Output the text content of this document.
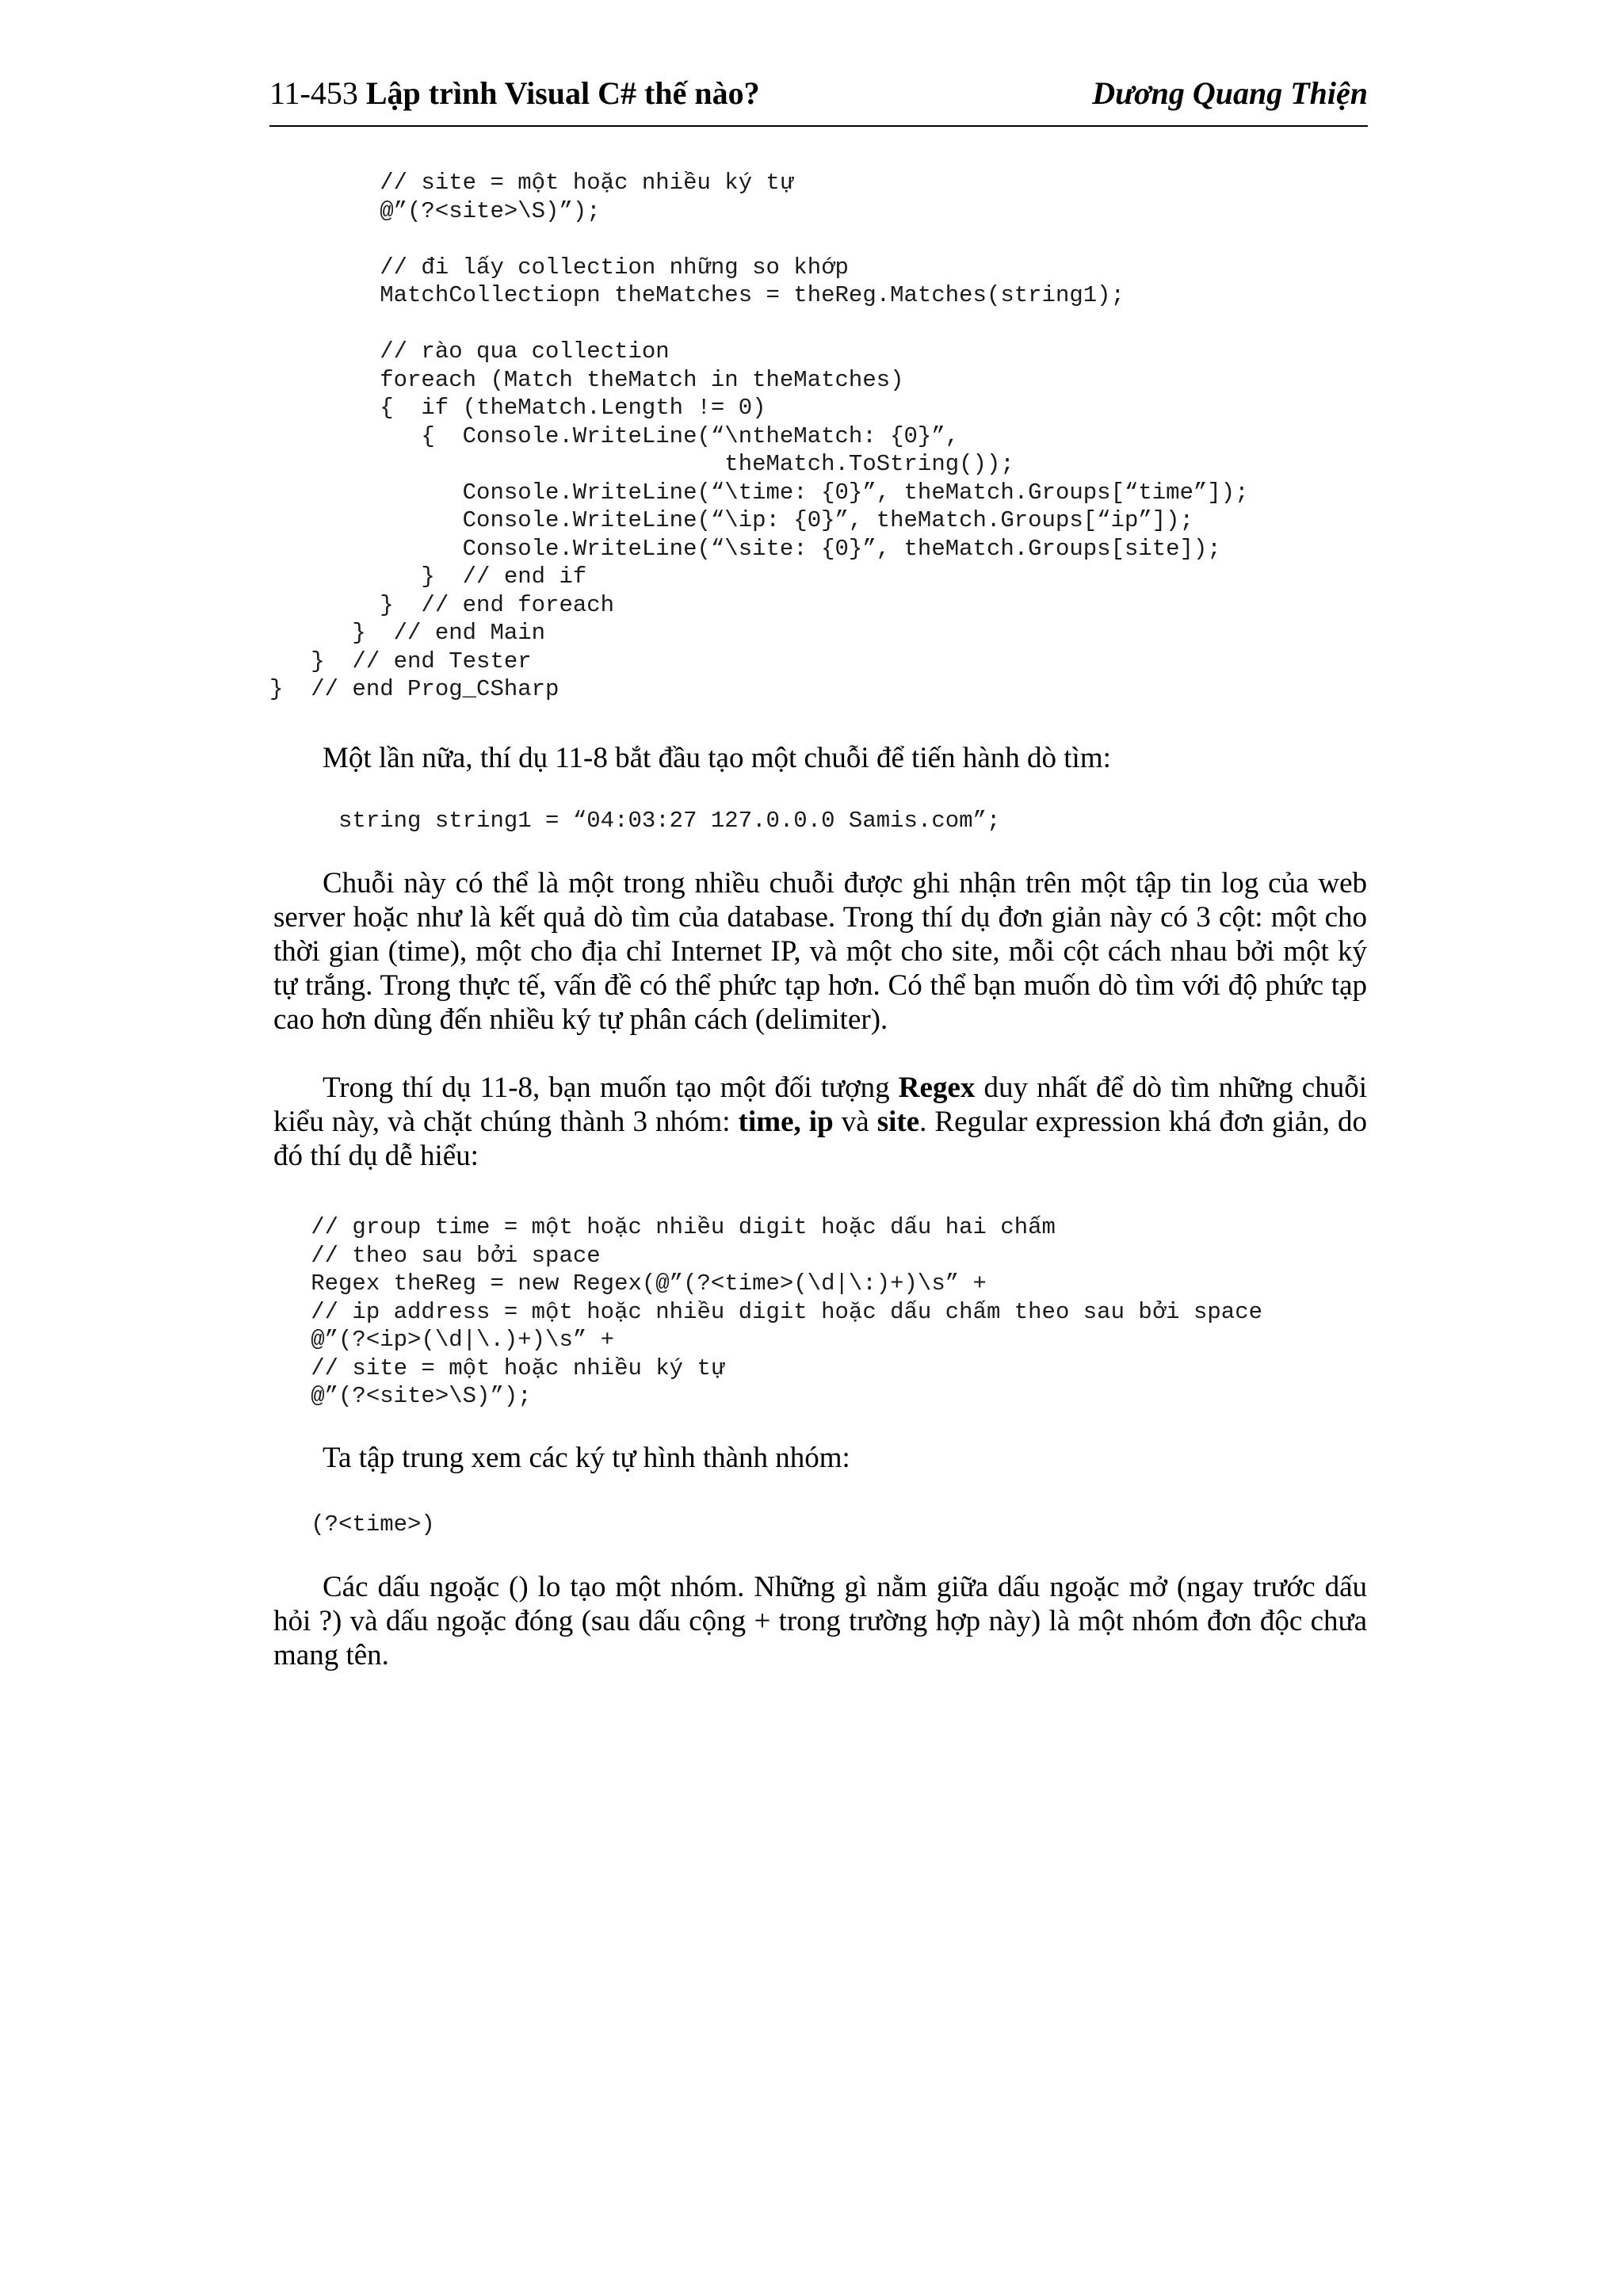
11-453 Lập trình Visual C# thế nào?	Dương Quang Thiện
// site = một hoặc nhiều ký tự
@”(?<site>\S)”);

// đi lấy collection những so khớp
MatchCollectiopn theMatches = theReg.Matches(string1);

// rào qua collection
foreach (Match theMatch in theMatches)
{  if (theMatch.Length != 0)
{  Console.WriteLine(“\ntheMatch: {0}”,
theMatch.ToString());
Console.WriteLine(“\time: {0}”, theMatch.Groups[“time”]);
Console.WriteLine(“\ip: {0}”, theMatch.Groups[“ip”]);
Console.WriteLine(“\site: {0}”, theMatch.Groups[site]);
}  // end if
}  // end foreach
}  // end Main
}  // end Tester
}  // end Prog_CSharp

Một lần nữa, thí dụ 11-8 bắt đầu tạo một chuỗi để tiến hành dò tìm:

string string1 = “04:03:27 127.0.0.0 Samis.com”;

Chuỗi này có thể là một trong nhiều chuỗi được ghi nhận trên một tập tin log của web server hoặc như là kết quả dò tìm của database. Trong thí dụ đơn giản này có 3 cột: một cho thời gian (time), một cho địa chỉ Internet IP, và một cho site, mỗi cột cách nhau bởi một ký tự trắng. Trong thực tế, vấn đề có thể phức tạp hơn. Có thể bạn muốn dò tìm với độ phức tạp cao hơn dùng đến nhiều ký tự phân cách (delimiter).

Trong thí dụ 11-8, bạn muốn tạo một đối tượng Regex duy nhất để dò tìm những chuỗi kiểu này, và chặt chúng thành 3 nhóm: time, ip và site. Regular expression khá đơn giản, do đó thí dụ dễ hiểu:

// group time = một hoặc nhiều digit hoặc dấu hai chấm
// theo sau bởi space
Regex theReg = new Regex(@”(?<time>(\d|\:)+)\s” +
// ip address = một hoặc nhiều digit hoặc dấu chấm theo sau bởi space
@”(?<ip>(\d|\.)+)\s” +
// site = một hoặc nhiều ký tự
@”(?<site>\S)”);

Ta tập trung xem các ký tự hình thành nhóm:

(?<time>)

Các dấu ngoặc () lo tạo một nhóm. Những gì nằm giữa dấu ngoặc mở (ngay trước dấu hỏi ?) và dấu ngoặc đóng (sau dấu cộng + trong trường hợp này) là một nhóm đơn độc chưa mang tên.
